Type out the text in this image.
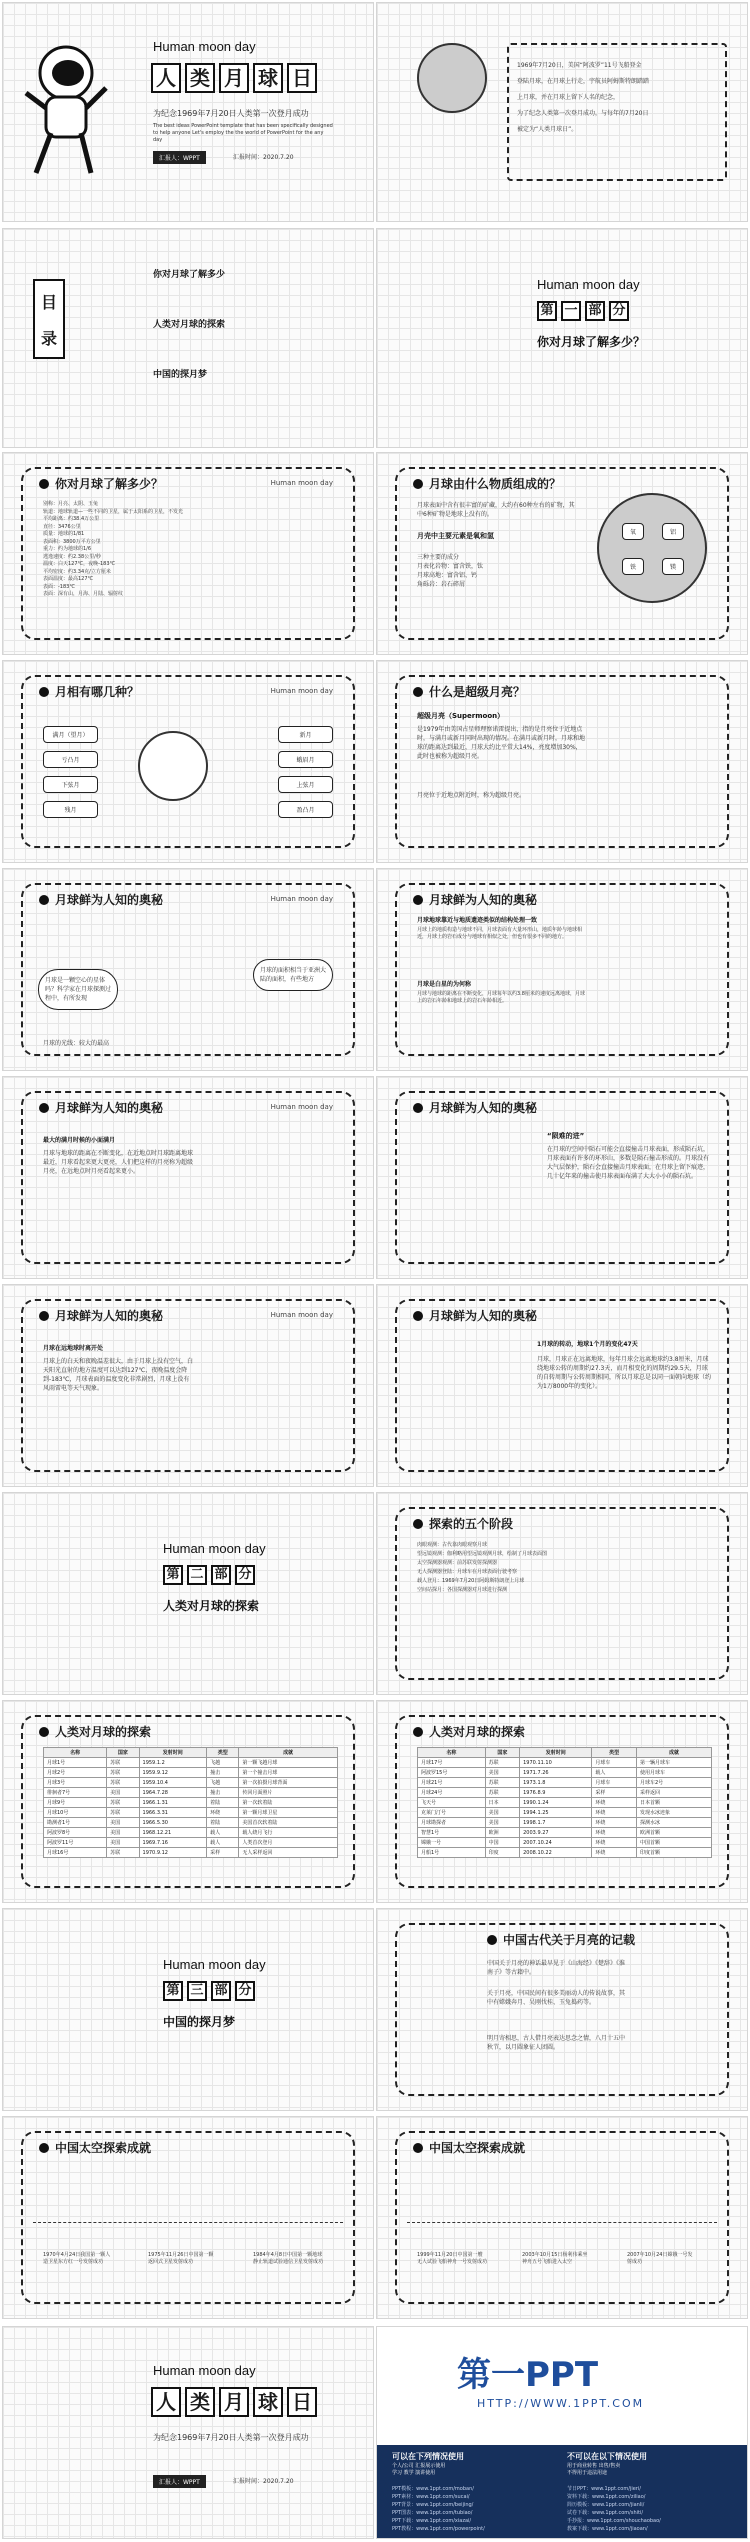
Human moon day
人 类 月 球 日
为纪念1969年7月20日人类第一次登月成功
The best ideas PowerPoint template that has been specifically designed to help anyone Let's employ the the world of PowerPoint for the any day
汇报人：WPPT	汇报时间：2020.7.20
1969年7月20日，美国“阿波罗”11号飞船登金
登陆月球，在月球上行走，宇航员阿姆斯特朗踏踏
上月球，并在月球上留下人名的纪念，
为了纪念人类第一次登月成功，与每年的7月20日
被定为“人类月球日”。
目录
你对月球了解多少
人类对月球的探索
中国的探月梦
Human moon day
第 一 部 分
你对月球了解多少？
你对月球了解多少？	Human moon day
别称：月亮、太阴、玉兔
轨道：地球轨道—一些不同的卫星，属于太阳系的卫星，不发光
平均距离：约38.4万公里
直径：3476公里
质量：地球的1/81
表面积：3800万平方公里
重力：约为地球的1/6
逃逸速度：约2.38公里/秒
温度：白天127℃，夜晚-183℃
平均密度：约3.34克/立方厘米
表面温度：最高127℃
表面：-183℃
表面：深有山，月海、月陆、辐射纹
月球由什么物质组成的？
月球表面中含有很丰富的矿藏，大约有60种左右的矿物，其中6种矿物是地球上没有的。
月壳中主要元素是氧和氢
三种主要的成分
月表化岩物：富含铁，钛
月球高地：富含铝、钙
角砾岩：岩石碎屑
氧	铝
铁	镁
月相有哪几种？	Human moon day
满月（望月）
亏凸月
下弦月
残月
新月
蛾眉月
上弦月
盈凸月
什么是超级月亮？
超级月亮（Supermoon）
是1979年由美国占星师理察诺雷提出，指的是月亮位于近地点时，与满月或新月同时出现的情况。在满月或新月时，月球和地球的距离达到最近，月球大约比平常大14%，亮度增加30%，此时也被称为超级月亮。
月亮位于近地点附近时，称为超级月亮。
月球鲜为人知的奥秘	Human moon day
月球是一颗空心的星体吗？科学家在月球探测过程中，有所发现
月球的面积相当于亚洲大陆的面积，有些地方
月球的光线：较大的最高
月球鲜为人知的奥秘
月球地球靠近与地质遗迹类似的结构处理一致
月球上的地质构造与地球不同，月球表面有大量环形山，地质年龄与地球相近，月球上的岩石成分与地球有相似之处，但也有很多不同的地方。
月球是白星的为何称
月球与地球的距离在不断变化，月球每年以约3.8厘米的速度远离地球，月球上的岩石年龄和地球上的岩石年龄相近。
月球鲜为人知的奥秘	Human moon day
最大的满月时候的小面满月
月球与地球的距离在不断变化，在近地点时月球距离地球最近，月球看起来更大更亮，人们把这样的月亮称为超级月亮，在远地点时月亮看起来更小。
月球鲜为人知的奥秘
“陨难的进”
在月球的空间中陨石可能会直接撞击月球表面，形成陨石坑，月球表面有许多的环形山，多数是陨石撞击形成的。月球没有大气层保护，陨石会直接撞击月球表面，在月球上留下痕迹，几十亿年来的撞击使月球表面布满了大大小小的陨石坑。
月球鲜为人知的奥秘	Human moon day
月球在远地球时离开处
月球上的白天和夜晚温差很大，由于月球上没有空气，白天阳光直射的地方温度可以达到127℃，夜晚温度会降到-183℃，月球表面的温度变化非常剧烈，月球上没有风雨雷电等天气现象。
月球鲜为人知的奥秘
1月球的转动，地球1个月的变化47天
月球，月球正在远离地球，每年月球会远离地球约3.8厘米，月球绕地球公转的周期约27.3天，而月相变化的周期约29.5天，月球的自转周期与公转周期相同，所以月球总是以同一面朝向地球（约为1万8000年的变化）。
Human moon day
第 二 部 分
人类对月球的探索
探索的五个阶段
肉眼观测：古代靠肉眼观察月球
望远镜观测：伽利略用望远镜观测月球，绘制了月球表面图
太空探测器观测：前苏联发射探测器
无人探测器登陆：月球车在月球表面行驶考察
载人登月：1969年7月20日阿姆斯特朗登上月球
空间站探月：各国探测器对月球进行探测
人类对月球的探索
名称	国家	发射时间	类型	成就
月球1号	苏联	1959.1.2	飞越	第一颗飞越月球
月球2号	苏联	1959.9.12	撞击	第一个撞击月球
月球3号	苏联	1959.10.4	飞越	第一次拍摄月球背面
徘徊者7号	美国	1964.7.28	撞击	传回月面照片
月球9号	苏联	1966.1.31	着陆	第一次软着陆
月球10号	苏联	1966.3.31	环绕	第一颗月球卫星
勘测者1号	美国	1966.5.30	着陆	美国首次软着陆
阿波罗8号	美国	1968.12.21	载人	载人绕月飞行
阿波罗11号	美国	1969.7.16	载人	人类首次登月
月球16号	苏联	1970.9.12	采样	无人采样返回
人类对月球的探索
名称	国家	发射时间	类型	成就
月球17号	苏联	1970.11.10	月球车	第一辆月球车
阿波罗15号	美国	1971.7.26	载人	使用月球车
月球21号	苏联	1973.1.8	月球车	月球车2号
月球24号	苏联	1976.8.9	采样	采样返回
飞天号	日本	1990.1.24	环绕	日本首颗
克莱门汀号	美国	1994.1.25	环绕	发现水冰迹象
月球勘探者	美国	1998.1.7	环绕	探测水冰
智慧1号	欧洲	2003.9.27	环绕	欧洲首颗
嫦娥一号	中国	2007.10.24	环绕	中国首颗
月船1号	印度	2008.10.22	环绕	印度首颗
Human moon day
第 三 部 分
中国的探月梦
中国古代关于月亮的记载
中国关于月亮的神话最早见于《山海经》《楚辞》《淮南子》等古籍中。
关于月亮，中国民间有很多美丽动人的传说故事，其中有嫦娥奔月、吴刚伐桂、玉兔捣药等。
明月寄相思，古人借月亮表达思念之情，八月十五中秋节，以月圆象征人团圆。
中国太空探索成就
1970年4月24日我国第一颗人造卫星东方红一号发射成功
1975年11月26日中国第一颗返回式卫星发射成功
1984年4月8日中国第一颗地球静止轨道试验通信卫星发射成功
中国太空探索成就
1999年11月20日中国第一艘无人试验飞船神舟一号发射成功
2003年10月15日杨利伟乘坐神舟五号飞船进入太空
2007年10月24日嫦娥一号发射成功
Human moon day
人 类 月 球 日
为纪念1969年7月20日人类第一次登月成功
汇报人：WPPT	汇报时间：2020.7.20
第一PPT
HTTP://WWW.1PPT.COM
可以在下列情况使用	不可以在以下情况使用
个人/公司 汇报展示使用
学习 教学 演讲使用
用于商业转售 出售/售卖
不得用于违法用途
PPT模板：www.1ppt.com/moban/
PPT素材：www.1ppt.com/sucai/
PPT背景：www.1ppt.com/beijing/
PPT图表：www.1ppt.com/tubiao/
PPT下载：www.1ppt.com/xiazai/
PPT教程：www.1ppt.com/powerpoint/
节日PPT：www.1ppt.com/jieri/
资料下载：www.1ppt.com/ziliao/
简历模板：www.1ppt.com/jianli/
试卷下载：www.1ppt.com/shiti/
手抄报：www.1ppt.com/shouchaobao/
教案下载：www.1ppt.com/jiaoan/
